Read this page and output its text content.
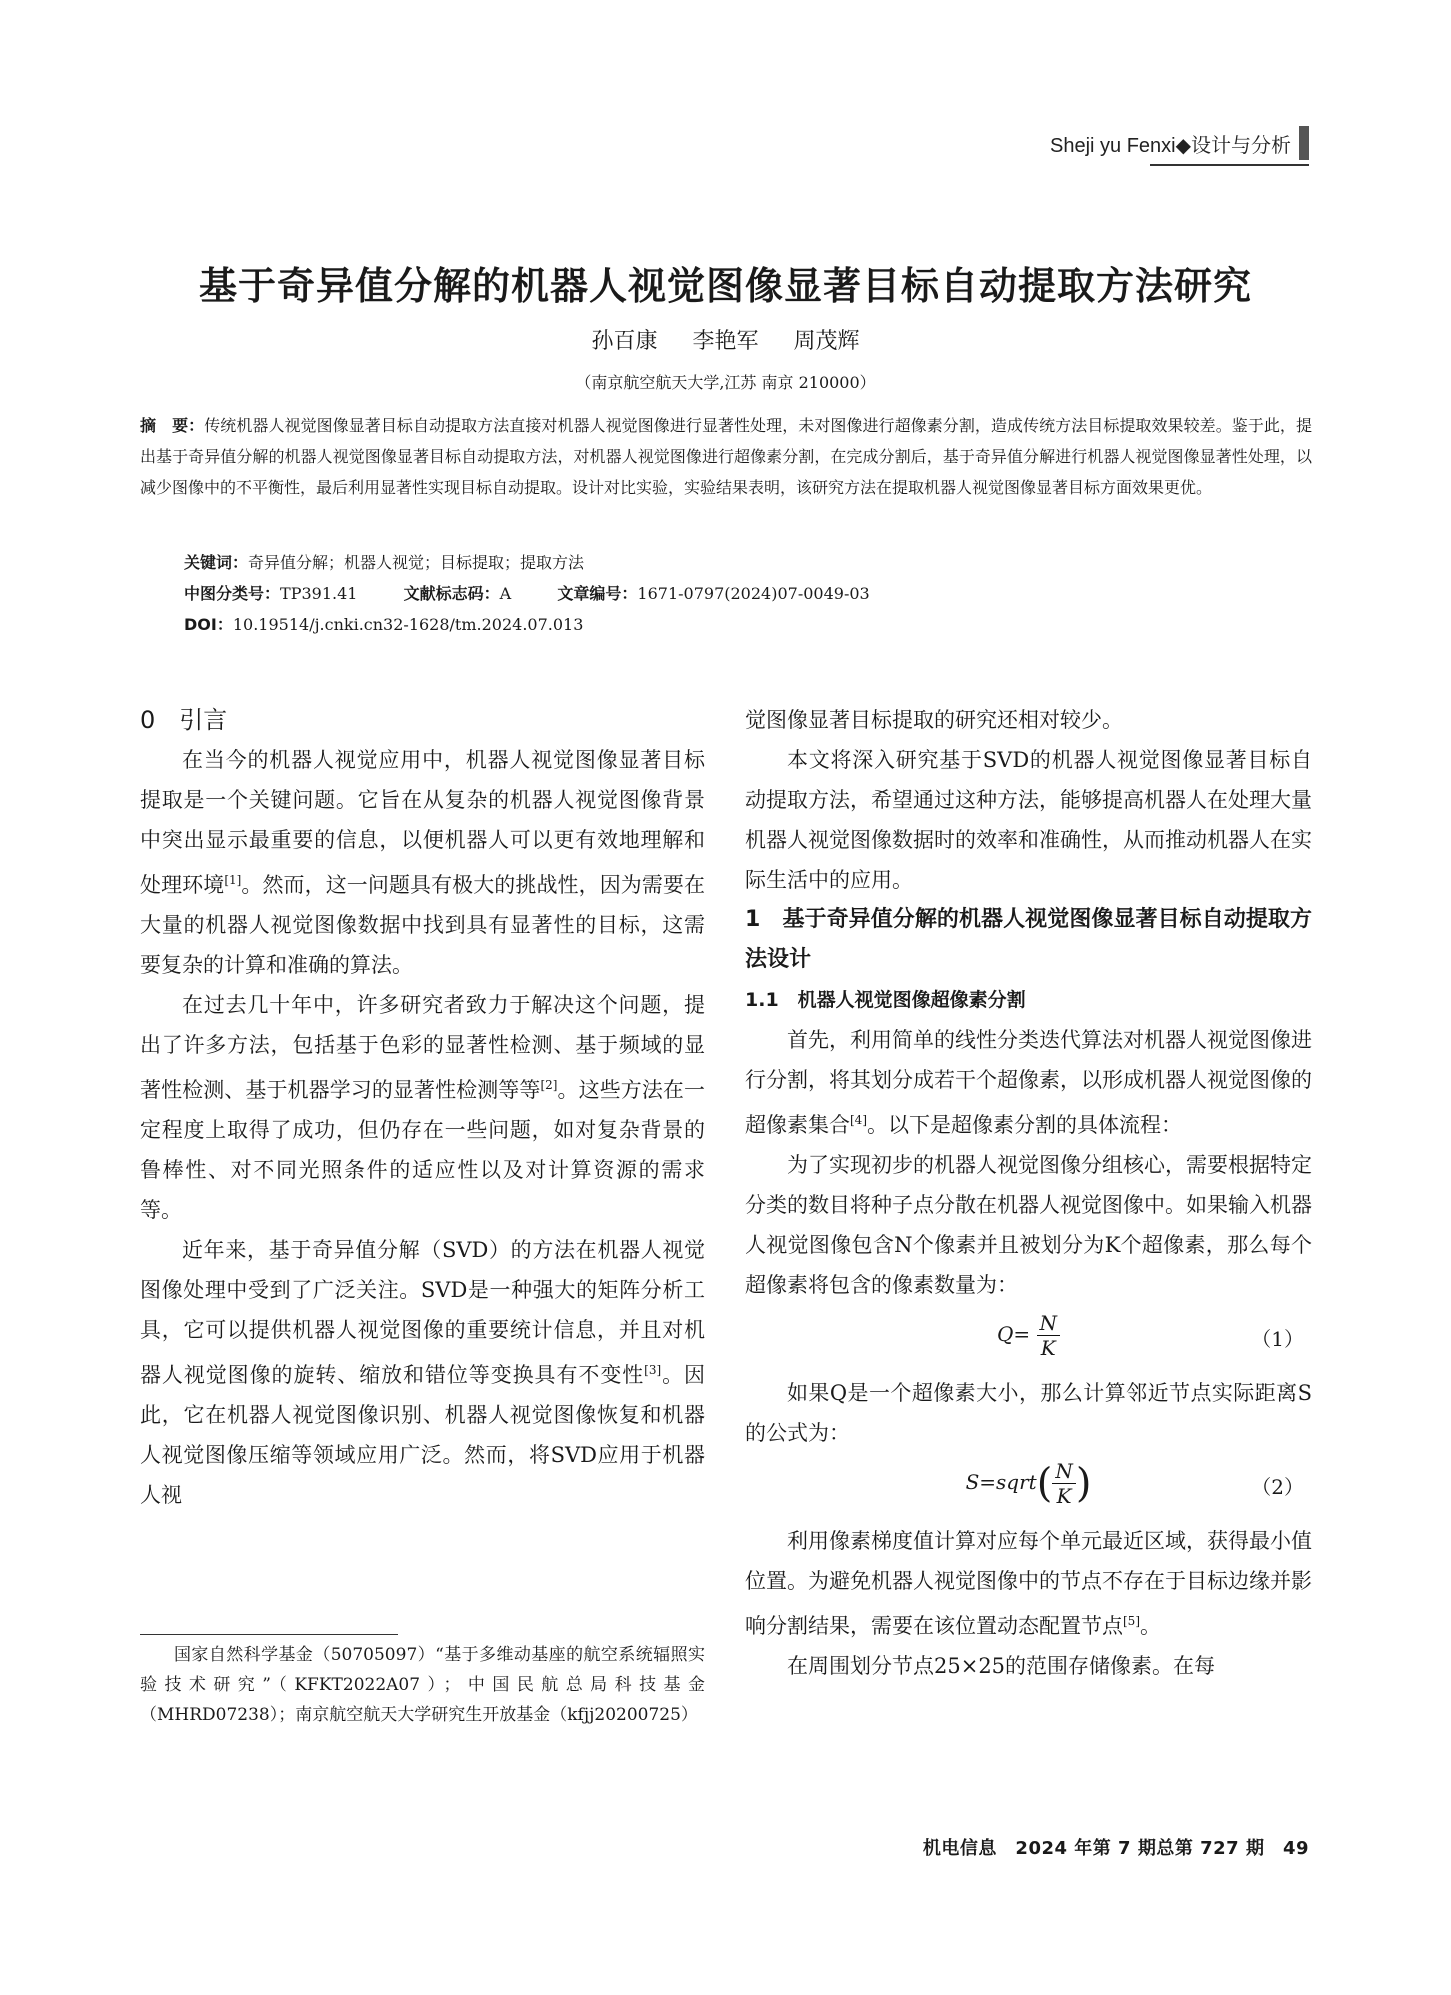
Sheji yu Fenxi◆设计与分析
基于奇异值分解的机器人视觉图像显著目标自动提取方法研究
孙百康 李艳军 周茂辉
（南京航空航天大学,江苏 南京 210000）
摘　要：传统机器人视觉图像显著目标自动提取方法直接对机器人视觉图像进行显著性处理，未对图像进行超像素分割，造成传统方法目标提取效果较差。鉴于此，提出基于奇异值分解的机器人视觉图像显著目标自动提取方法，对机器人视觉图像进行超像素分割，在完成分割后，基于奇异值分解进行机器人视觉图像显著性处理，以减少图像中的不平衡性，最后利用显著性实现目标自动提取。设计对比实验，实验结果表明，该研究方法在提取机器人视觉图像显著目标方面效果更优。
关键词：奇异值分解；机器人视觉；目标提取；提取方法
中图分类号：TP391.41	文献标志码：A	文章编号：1671-0797(2024)07-0049-03
DOI：10.19514/j.cnki.cn32-1628/tm.2024.07.013
0　引言

在当今的机器人视觉应用中，机器人视觉图像显著目标提取是一个关键问题。它旨在从复杂的机器人视觉图像背景中突出显示最重要的信息，以便机器人可以更有效地理解和处理环境[1]。然而，这一问题具有极大的挑战性，因为需要在大量的机器人视觉图像数据中找到具有显著性的目标，这需要复杂的计算和准确的算法。

在过去几十年中，许多研究者致力于解决这个问题，提出了许多方法，包括基于色彩的显著性检测、基于频域的显著性检测、基于机器学习的显著性检测等等[2]。这些方法在一定程度上取得了成功，但仍存在一些问题，如对复杂背景的鲁棒性、对不同光照条件的适应性以及对计算资源的需求等。

近年来，基于奇异值分解（SVD）的方法在机器人视觉图像处理中受到了广泛关注。SVD是一种强大的矩阵分析工具，它可以提供机器人视觉图像的重要统计信息，并且对机器人视觉图像的旋转、缩放和错位等变换具有不变性[3]。因此，它在机器人视觉图像识别、机器人视觉图像恢复和机器人视觉图像压缩等领域应用广泛。然而，将SVD应用于机器人视

国家自然科学基金（50705097）“基于多维动基座的航空系统辐照实验技术研究”（KFKT2022A07）；中国民航总局科技基金（MHRD07238）；南京航空航天大学研究生开放基金（kfjj20200725）

觉图像显著目标提取的研究还相对较少。

本文将深入研究基于SVD的机器人视觉图像显著目标自动提取方法，希望通过这种方法，能够提高机器人在处理大量机器人视觉图像数据时的效率和准确性，从而推动机器人在实际生活中的应用。

1　基于奇异值分解的机器人视觉图像显著目标自动提取方法设计
1.1　机器人视觉图像超像素分割

首先，利用简单的线性分类迭代算法对机器人视觉图像进行分割，将其划分成若干个超像素，以形成机器人视觉图像的超像素集合[4]。以下是超像素分割的具体流程：

为了实现初步的机器人视觉图像分组核心，需要根据特定分类的数目将种子点分散在机器人视觉图像中。如果输入机器人视觉图像包含N个像素并且被划分为K个超像素，那么每个超像素将包含的像素数量为：

$Q= \frac{N}{K}$	（1）

如果Q是一个超像素大小，那么计算邻近节点实际距离S的公式为：

S=sqrt( $\frac{N}{K}$ )	（2）

利用像素梯度值计算对应每个单元最近区域，获得最小值位置。为避免机器人视觉图像中的节点不存在于目标边缘并影响分割结果，需要在该位置动态配置节点[5]。

在周围划分节点25×25的范围存储像素。在每

机电信息　2024 年第 7 期总第 727 期　49
